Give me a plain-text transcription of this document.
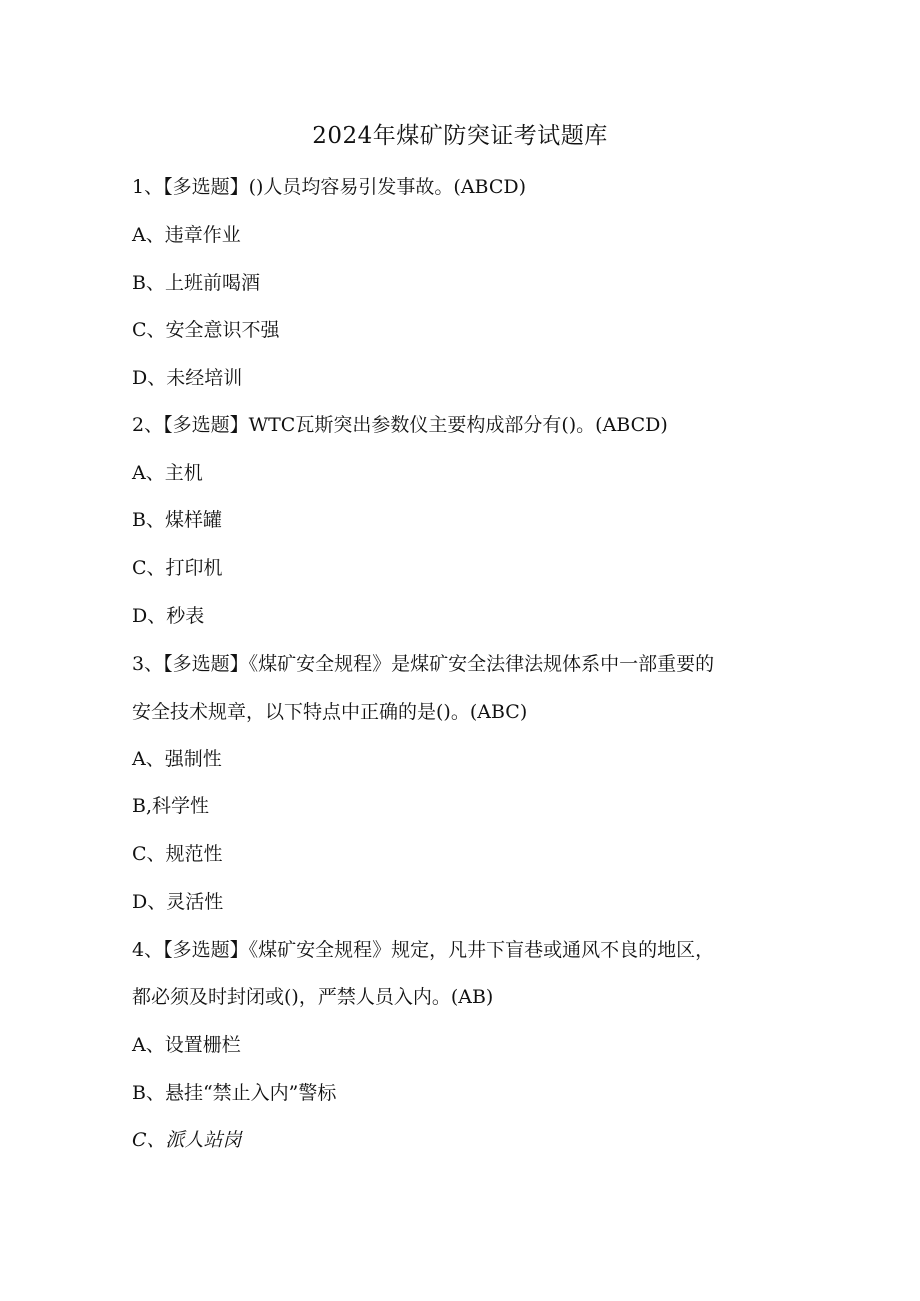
2024年煤矿防突证考试题库
1、【多选题】()人员均容易引发事故。(ABCD)
A、违章作业
B、上班前喝酒
C、安全意识不强
D、未经培训
2、【多选题】WTC瓦斯突出参数仪主要构成部分有()。(ABCD)
A、主机
B、煤样罐
C、打印机
D、秒表
3、【多选题】《煤矿安全规程》是煤矿安全法律法规体系中一部重要的
安全技术规章，以下特点中正确的是()。(ABC)
A、强制性
B,科学性
C、规范性
D、灵活性
4、【多选题】《煤矿安全规程》规定，凡井下盲巷或通风不良的地区，
都必须及时封闭或()，严禁人员入内。(AB)
A、设置栅栏
B、悬挂“禁止入内”警标
C、派人站岗
